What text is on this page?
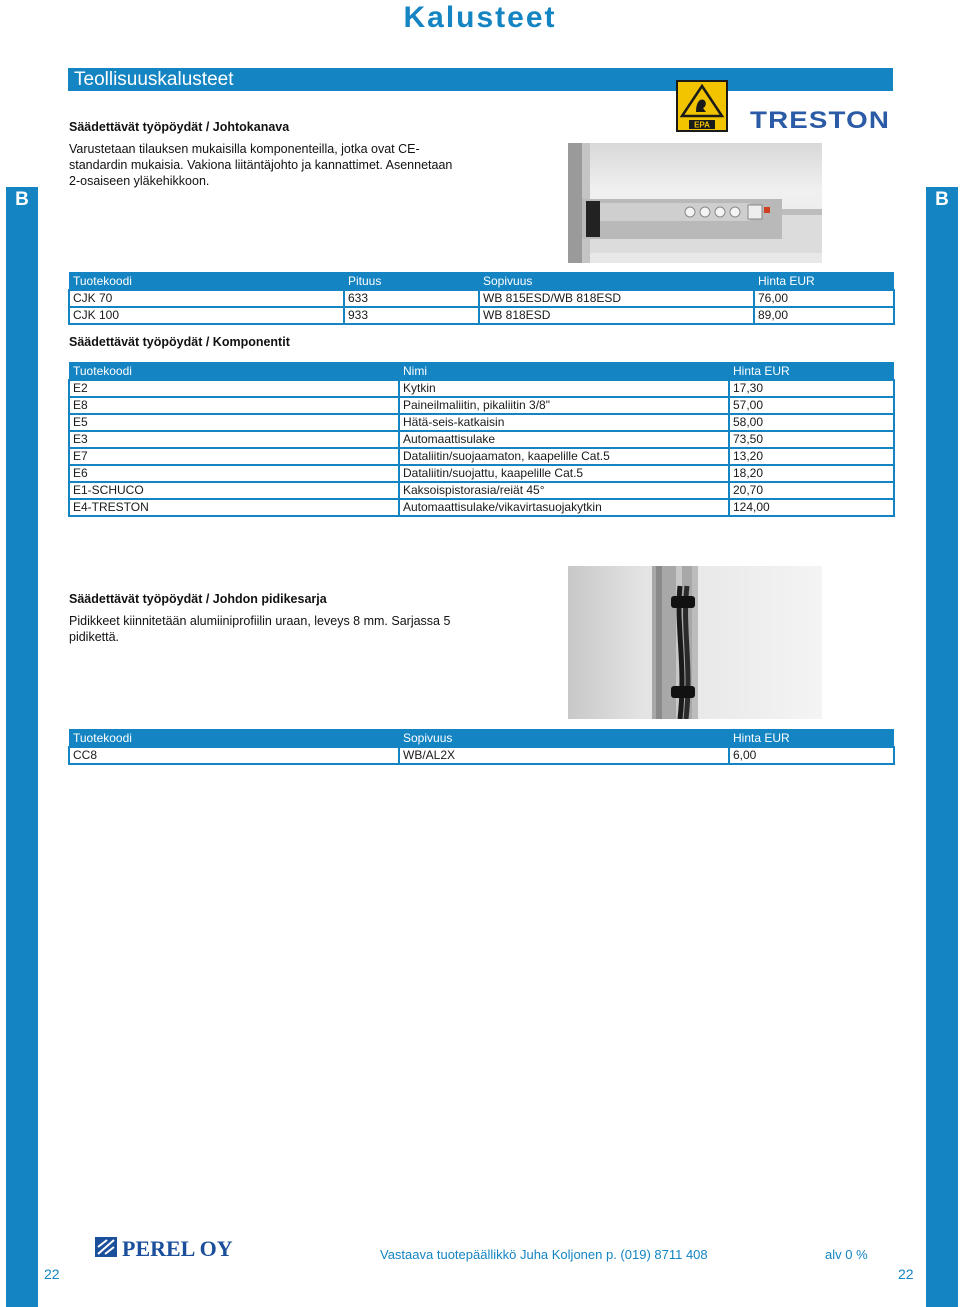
Kalusteet
B	B
Teollisuuskalusteet
EPA TRESTON
Säädettävät työpöydät / Johtokanava
Varustetaan tilauksen mukaisilla komponenteilla, jotka ovat CE-
standardin mukaisia. Vakiona liitäntäjohto ja kannattimet. Asennetaan
2-osaiseen yläkehikkoon.
Tuotekoodi	Pituus	Sopivuus	Hinta EUR
CJK 70	633	WB 815ESD/WB 818ESD	76,00
CJK 100	933	WB 818ESD	89,00
Säädettävät työpöydät / Komponentit
Tuotekoodi	Nimi	Hinta EUR
E2	Kytkin	17,30
E8	Paineilmaliitin, pikaliitin 3/8"	57,00
E5	Hätä-seis-katkaisin	58,00
E3	Automaattisulake	73,50
E7	Dataliitin/suojaamaton, kaapelille Cat.5	13,20
E6	Dataliitin/suojattu, kaapelille Cat.5	18,20
E1-SCHUCO	Kaksoispistorasia/reiät 45°	20,70
E4-TRESTON	Automaattisulake/vikavirtasuojakytkin	124,00
Säädettävät työpöydät / Johdon pidikesarja
Pidikkeet kiinnitetään alumiiniprofiilin uraan, leveys 8 mm. Sarjassa 5
pidikettä.
Tuotekoodi	Sopivuus	Hinta EUR
CC8	WB/AL2X	6,00
PEREL OY	Vastaava tuotepäällikkö Juha Koljonen p. (019) 8711 408	alv 0 %
22	22
